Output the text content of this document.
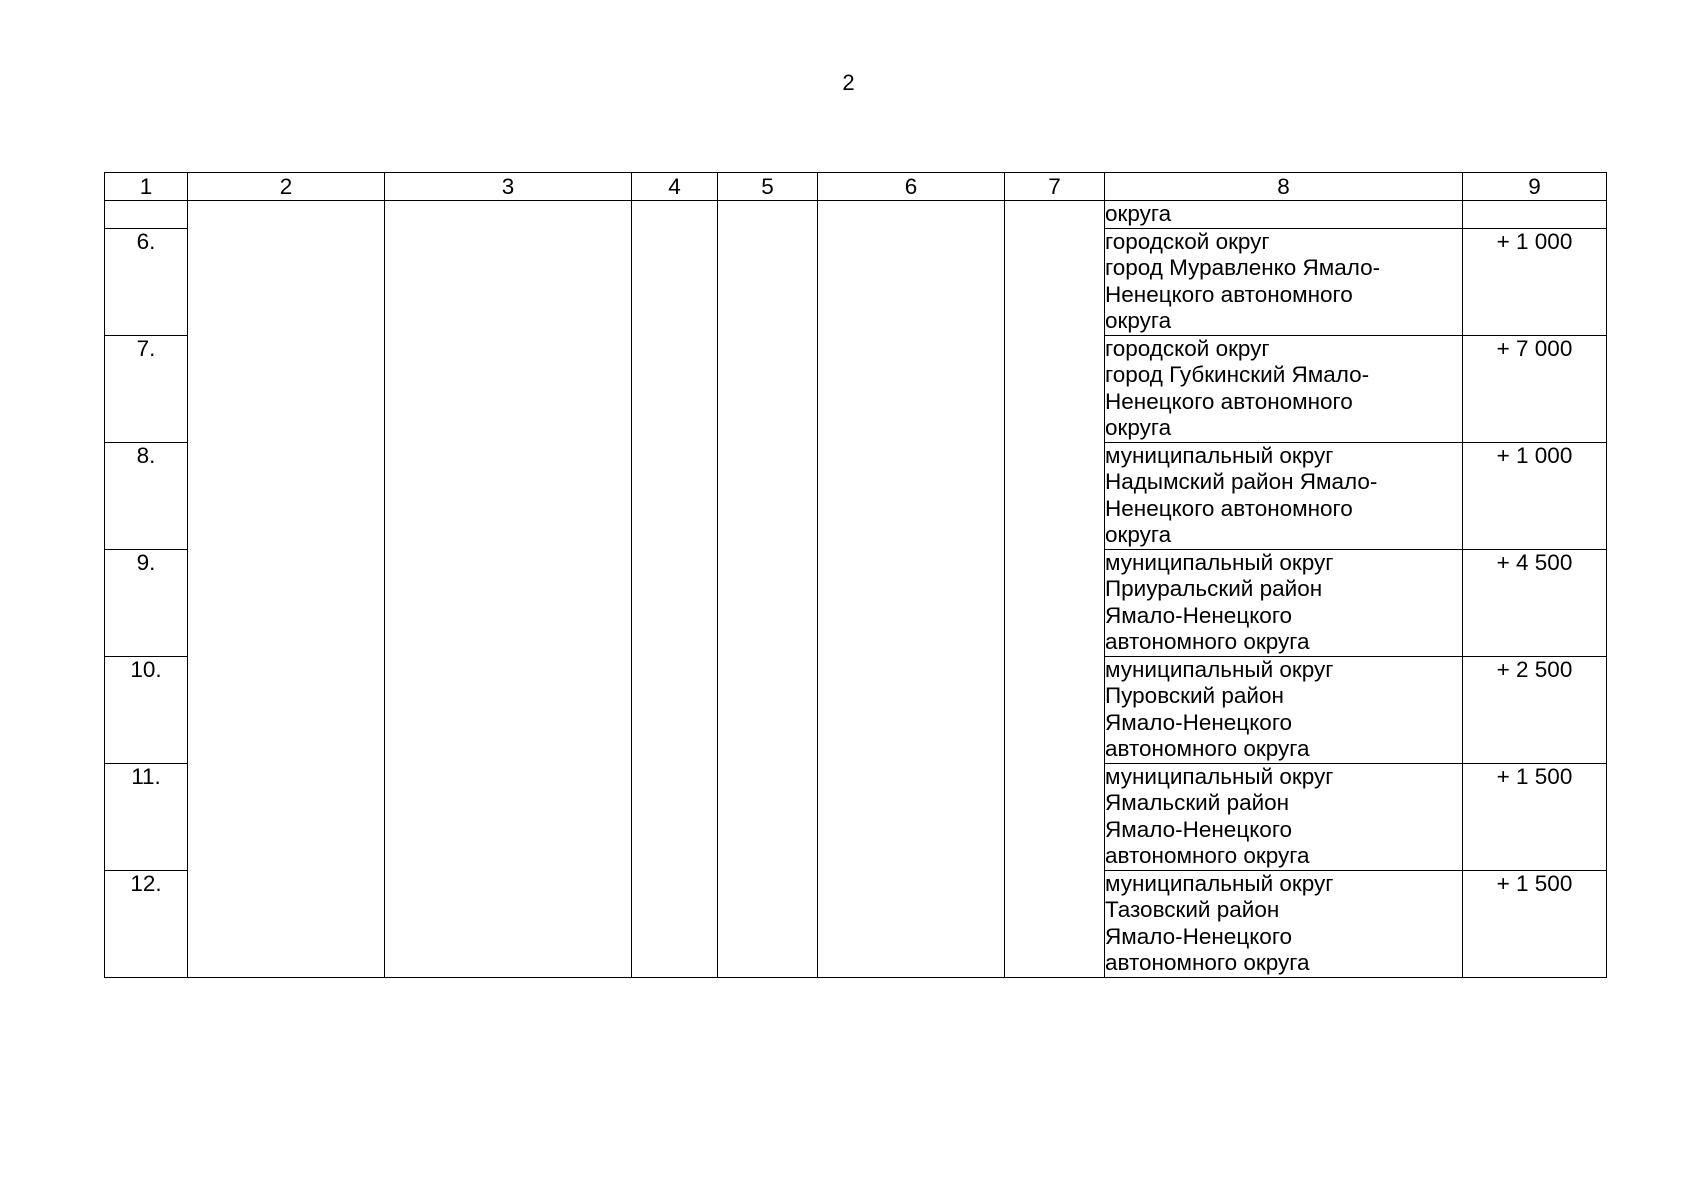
2
1	2	3	4	5	6	7	8	9

							округа	

6.							городской округ
город Муравленко Ямало-
Ненецкого автономного
округа	+ 1 000
7.							городской округ
город Губкинский Ямало-
Ненецкого автономного
округа	+ 7 000
8.							муниципальный округ
Надымский район Ямало-
Ненецкого автономного
округа	+ 1 000
9.							муниципальный округ
Приуральский район
Ямало-Ненецкого
автономного округа	+ 4 500
10.							муниципальный округ
Пуровский район
Ямало-Ненецкого
автономного округа	+ 2 500
11.							муниципальный округ
Ямальский район
Ямало-Ненецкого
автономного округа	+ 1 500
12.							муниципальный округ
Тазовский район
Ямало-Ненецкого
автономного округа	+ 1 500
